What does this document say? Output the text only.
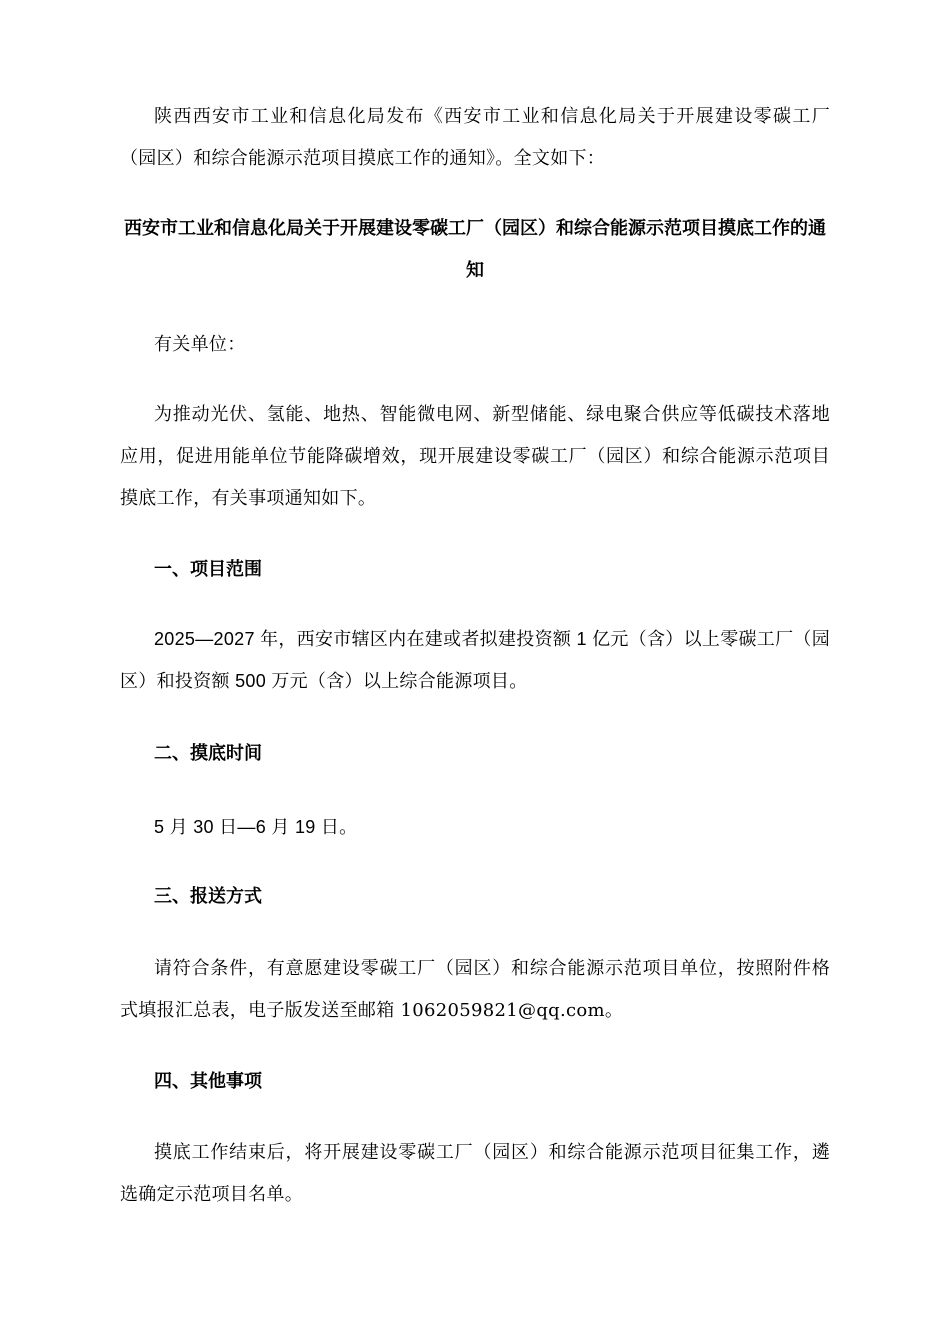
陕西西安市工业和信息化局发布《西安市工业和信息化局关于开展建设零碳工厂（园区）和综合能源示范项目摸底工作的通知》。全文如下：

西安市工业和信息化局关于开展建设零碳工厂（园区）和综合能源示范项目摸底工作的通知

有关单位：

为推动光伏、氢能、地热、智能微电网、新型储能、绿电聚合供应等低碳技术落地应用，促进用能单位节能降碳增效，现开展建设零碳工厂（园区）和综合能源示范项目摸底工作，有关事项通知如下。

一、项目范围

2025—2027 年，西安市辖区内在建或者拟建投资额 1 亿元（含）以上零碳工厂（园区）和投资额 500 万元（含）以上综合能源项目。

二、摸底时间

5 月 30 日—6 月 19 日。

三、报送方式

请符合条件，有意愿建设零碳工厂（园区）和综合能源示范项目单位，按照附件格式填报汇总表，电子版发送至邮箱 1062059821@qq.com。

四、其他事项

摸底工作结束后，将开展建设零碳工厂（园区）和综合能源示范项目征集工作，遴选确定示范项目名单。
